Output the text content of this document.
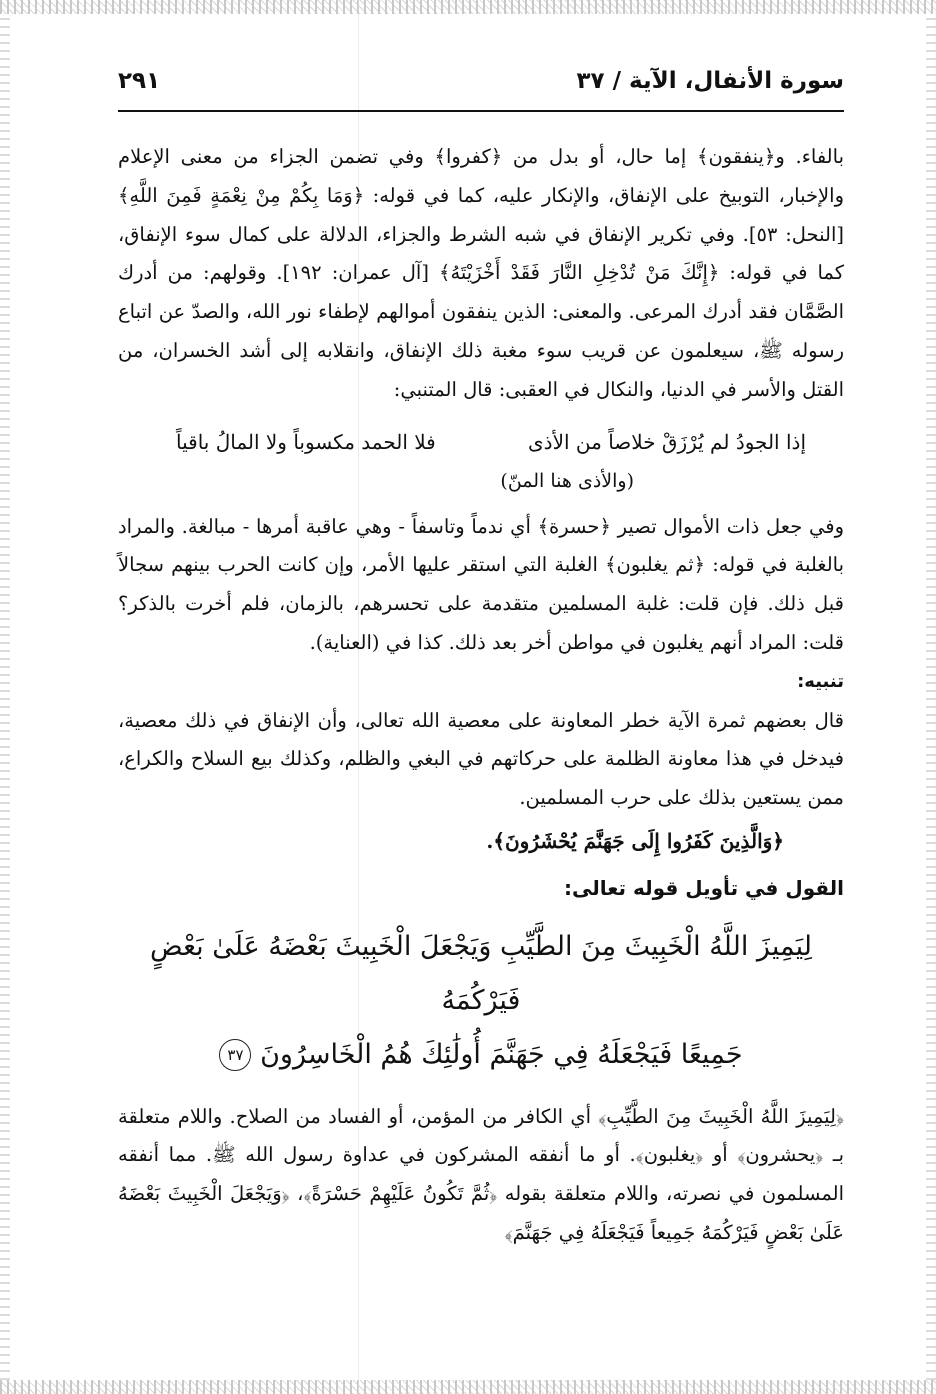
سورة الأنفال، الآية / ٣٧
٢٩١

بالفاء. و﴿ينفقون﴾ إما حال، أو بدل من ﴿كفروا﴾ وفي تضمن الجزاء من معنى الإعلام والإخبار، التوبيخ على الإنفاق، والإنكار عليه، كما في قوله: ﴿وَمَا بِكُمْ مِنْ نِعْمَةٍ فَمِنَ اللَّهِ﴾ [النحل: ٥٣]. وفي تكرير الإنفاق في شبه الشرط والجزاء، الدلالة على كمال سوء الإنفاق، كما في قوله: ﴿إِنَّكَ مَنْ تُدْخِلِ النَّارَ فَقَدْ أَخْزَيْتَهُ﴾ [آل عمران: ١٩٢]. وقولهم: من أدرك الصَّمَّان فقد أدرك المرعى. والمعنى: الذين ينفقون أموالهم لإطفاء نور الله، والصدّ عن اتباع رسوله ﷺ، سيعلمون عن قريب سوء مغبة ذلك الإنفاق، وانقلابه إلى أشد الخسران، من القتل والأسر في الدنيا، والنكال في العقبى: قال المتنبي:

إذا الجودُ لم يُرْزَقْ خلاصاً من الأذى
فلا الحمد مكسوباً ولا المالُ باقياً
(والأذى هنا المنّ)

وفي جعل ذات الأموال تصير ﴿حسرة﴾ أي ندماً وتاسفاً - وهي عاقبة أمرها - مبالغة. والمراد بالغلبة في قوله: ﴿ثم يغلبون﴾ الغلبة التي استقر عليها الأمر، وإن كانت الحرب بينهم سجالاً قبل ذلك. فإن قلت: غلبة المسلمين متقدمة على تحسرهم، بالزمان، فلم أخرت بالذكر؟ قلت: المراد أنهم يغلبون في مواطن أخر بعد ذلك. كذا في (العناية).

تنبيه:

قال بعضهم ثمرة الآية خطر المعاونة على معصية الله تعالى، وأن الإنفاق في ذلك معصية، فيدخل في هذا معاونة الظلمة على حركاتهم في البغي والظلم، وكذلك بيع السلاح والكراع، ممن يستعين بذلك على حرب المسلمين.

﴿وَالَّذِينَ كَفَرُوا إِلَى جَهَنَّمَ يُحْشَرُونَ﴾.
القول في تأويل قوله تعالى:

لِيَمِيزَ اللَّهُ الْخَبِيثَ مِنَ الطَّيِّبِ وَيَجْعَلَ الْخَبِيثَ بَعْضَهُ عَلَىٰ بَعْضٍ فَيَرْكُمَهُ

جَمِيعًا فَيَجْعَلَهُ فِي جَهَنَّمَ أُولَٰئِكَ هُمُ الْخَاسِرُونَ ٣٧

﴿لِيَمِيزَ اللَّهُ الْخَبِيثَ مِنَ الطَّيِّبِ﴾ أي الكافر من المؤمن، أو الفساد من الصلاح. واللام متعلقة بـ ﴿يحشرون﴾ أو ﴿يغلبون﴾. أو ما أنفقه المشركون في عداوة رسول الله ﷺ. مما أنفقه المسلمون في نصرته، واللام متعلقة بقوله ﴿ثُمَّ تَكُونُ عَلَيْهِمْ حَسْرَةً﴾، ﴿وَيَجْعَلَ الْخَبِيثَ بَعْضَهُ عَلَىٰ بَعْضٍ فَيَرْكُمَهُ جَمِيعاً فَيَجْعَلَهُ فِي جَهَنَّمَ﴾
